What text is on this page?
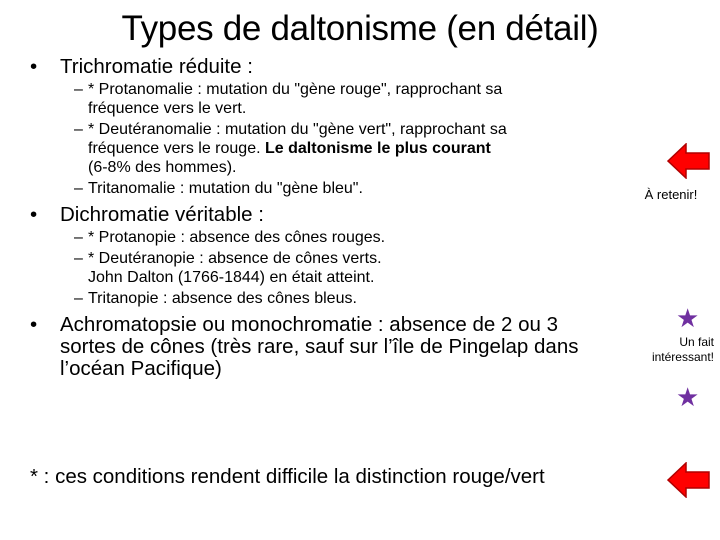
Types de daltonisme (en détail)
• Trichromatie réduite :
– * Protanomalie : mutation du "gène rouge", rapprochant sa
fréquence vers le vert.
– * Deutéranomalie : mutation du "gène vert", rapprochant sa
fréquence vers le rouge. Le daltonisme le plus courant
(6-8% des hommes).
– Tritanomalie : mutation du "gène bleu".
• Dichromatie véritable :
– * Protanopie : absence des cônes rouges.
– * Deutéranopie : absence de cônes verts.
John Dalton (1766-1844) en était atteint.
– Tritanopie : absence des cônes bleus.
• Achromatopsie ou monochromatie : absence de 2 ou 3
sortes de cônes (très rare, sauf sur l’île de Pingelap dans
l’océan Pacifique)
* : ces conditions rendent difficile la distinction rouge/vert
À retenir!
★
Un fait
intéressant!
★
